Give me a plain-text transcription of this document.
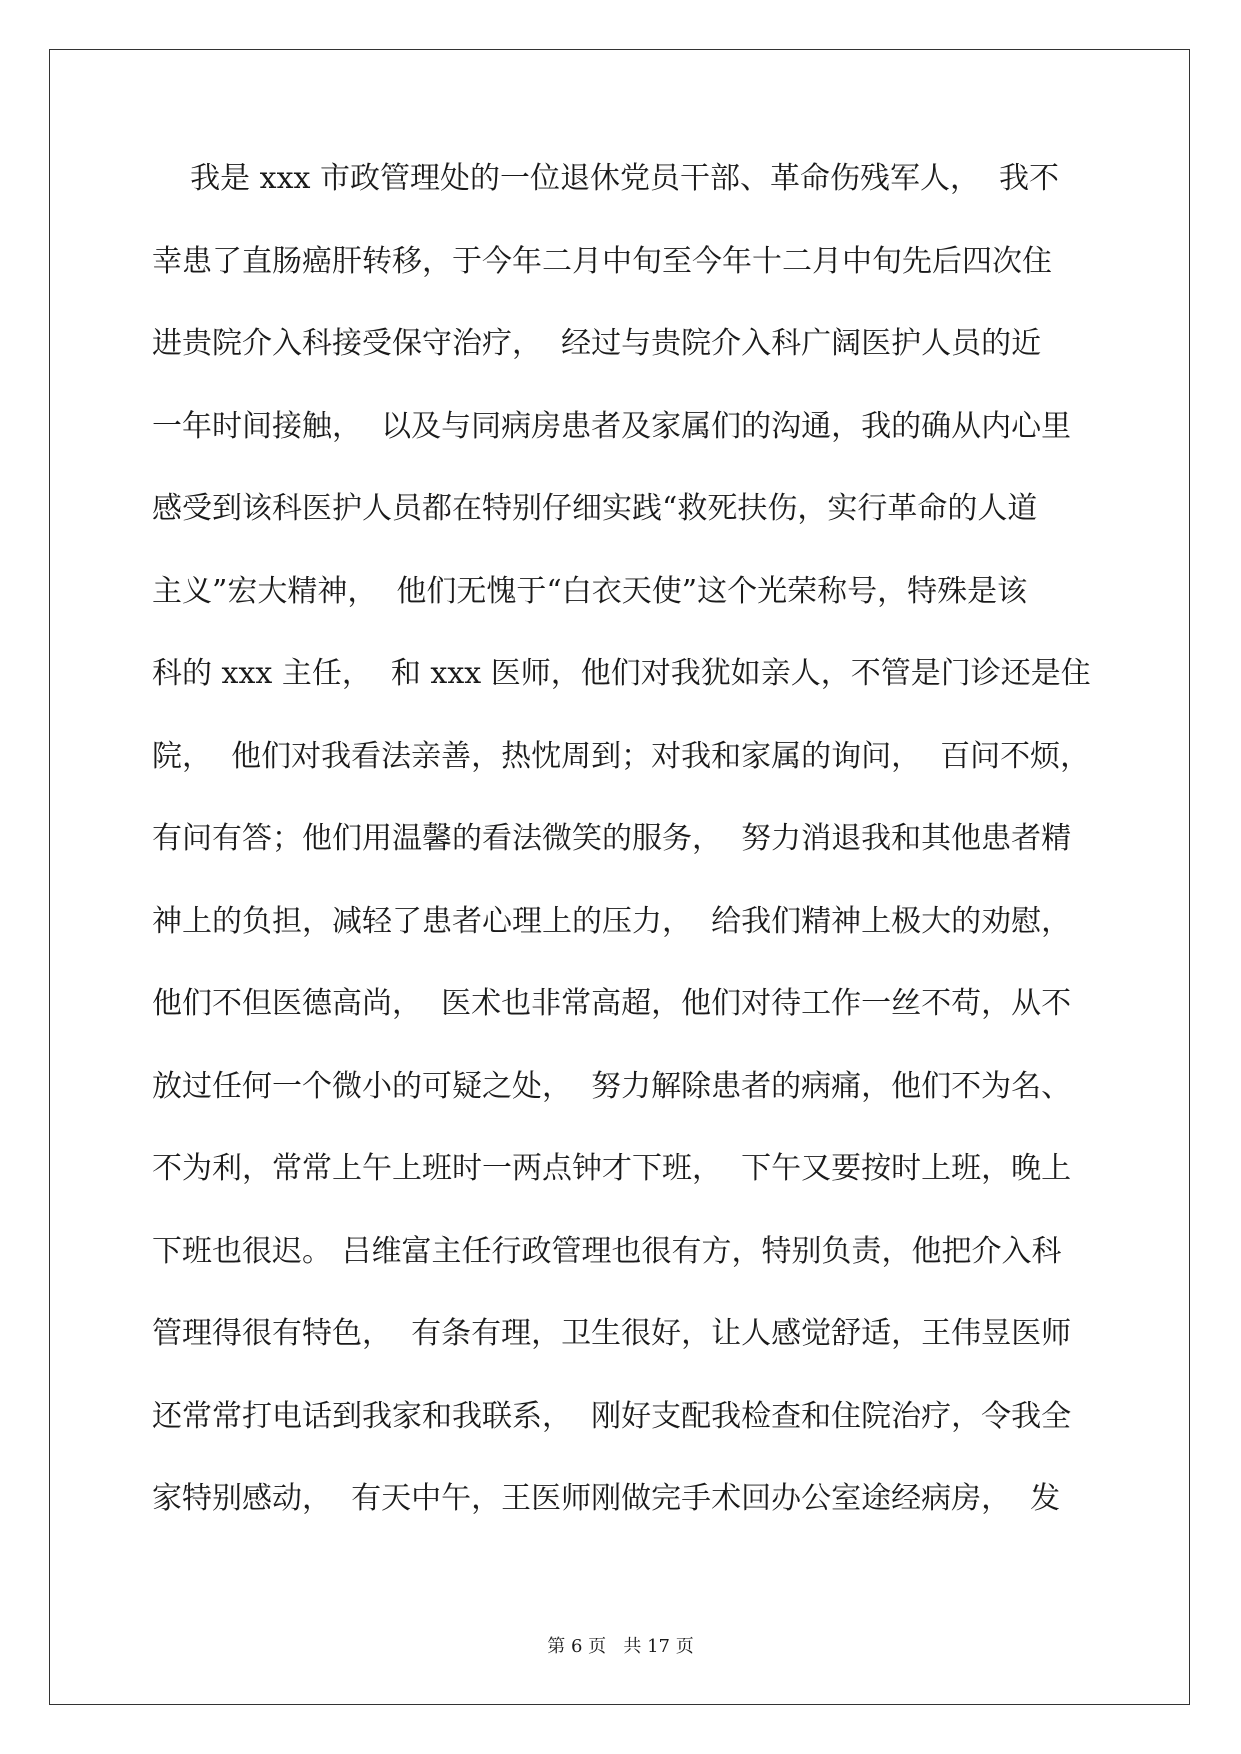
我是 xxx 市政管理处的一位退休党员干部、革命伤残军人，  我不
幸患了直肠癌肝转移，于今年二月中旬至今年十二月中旬先后四次住
进贵院介入科接受保守治疗，  经过与贵院介入科广阔医护人员的近
一年时间接触，  以及与同病房患者及家属们的沟通，我的确从内心里
感受到该科医护人员都在特别仔细实践“救死扶伤，实行革命的人道
主义”宏大精神，  他们无愧于“白衣天使”这个光荣称号，特殊是该
科的 xxx 主任，  和 xxx 医师，他们对我犹如亲人，不管是门诊还是住
院，  他们对我看法亲善，热忱周到；对我和家属的询问，  百问不烦，
有问有答；他们用温馨的看法微笑的服务，  努力消退我和其他患者精
神上的负担，减轻了患者心理上的压力，  给我们精神上极大的劝慰，
他们不但医德高尚，  医术也非常高超，他们对待工作一丝不苟，从不
放过任何一个微小的可疑之处，  努力解除患者的病痛，他们不为名、
不为利，常常上午上班时一两点钟才下班，  下午又要按时上班，晚上
下班也很迟。 吕维富主任行政管理也很有方，特别负责，他把介入科
管理得很有特色，  有条有理，卫生很好，让人感觉舒适，王伟昱医师
还常常打电话到我家和我联系，  刚好支配我检查和住院治疗，令我全
家特别感动，  有天中午，王医师刚做完手术回办公室途经病房，  发
第 6 页   共 17 页
